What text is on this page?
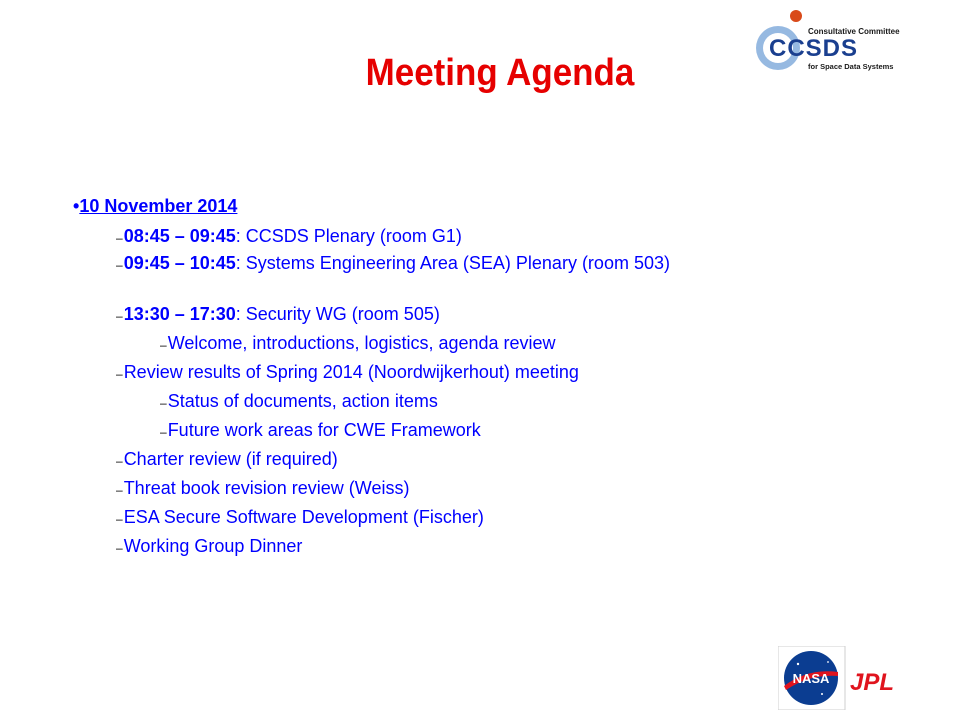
Consultative Committee
CCSDS
for Space Data Systems
Meeting Agenda
•10 November 2014
–08:45 – 09:45: CCSDS Plenary (room G1)
–09:45 – 10:45: Systems Engineering Area (SEA) Plenary (room 503)
–13:30 – 17:30: Security WG (room 505)
–Welcome, introductions, logistics, agenda review
–Review results of Spring 2014 (Noordwijkerhout) meeting
–Status of documents, action items
–Future work areas for CWE Framework
–Charter review (if required)
–Threat book revision review (Weiss)
–ESA Secure Software Development (Fischer)
–Working Group Dinner
NASA JPL
